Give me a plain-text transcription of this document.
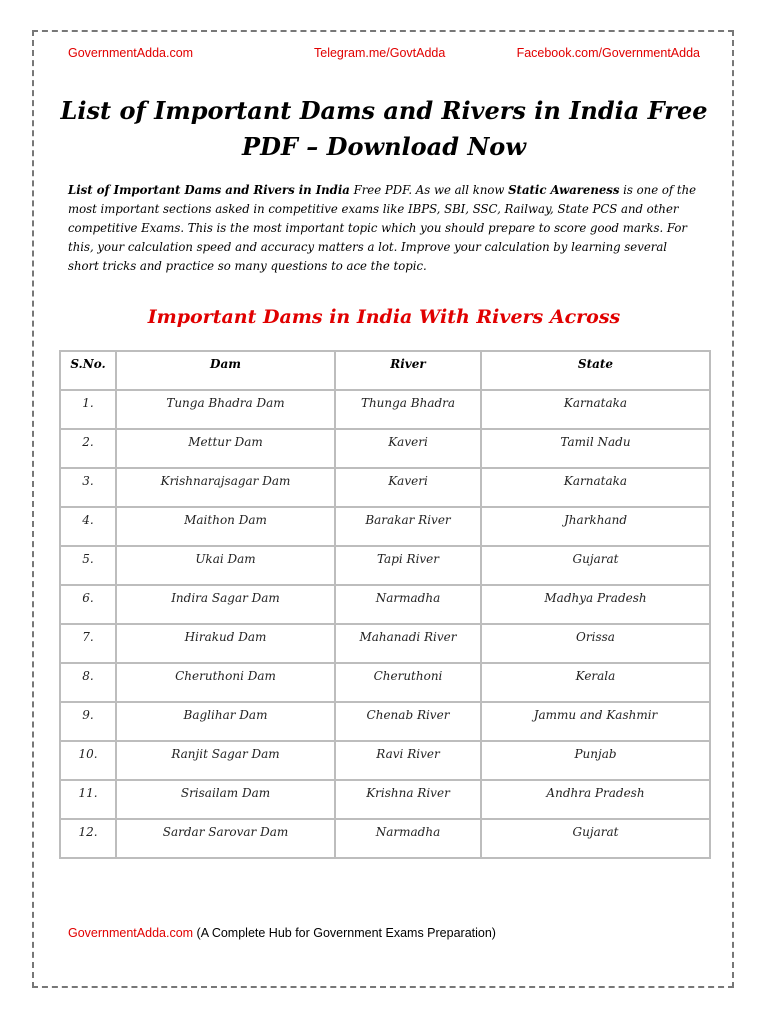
GovernmentAdda.com	Telegram.me/GovtAdda	Facebook.com/GovernmentAdda
List of Important Dams and Rivers in India Free
PDF – Download Now

List of Important Dams and Rivers in India Free PDF. As we all know Static Awareness is one of the most important sections asked in competitive exams like IBPS, SBI, SSC, Railway, State PCS and other competitive Exams. This is the most important topic which you should prepare to score good marks. For this, your calculation speed and accuracy matters a lot. Improve your calculation by learning several short tricks and practice so many questions to ace the topic.

Important Dams in India With Rivers Across
S.No.	Dam	River	State
1.	Tunga Bhadra Dam	Thunga Bhadra	Karnataka
2.	Mettur Dam	Kaveri	Tamil Nadu
3.	Krishnarajsagar Dam	Kaveri	Karnataka
4.	Maithon Dam	Barakar River	Jharkhand
5.	Ukai Dam	Tapi River	Gujarat
6.	Indira Sagar Dam	Narmadha	Madhya Pradesh
7.	Hirakud Dam	Mahanadi River	Orissa
8.	Cheruthoni Dam	Cheruthoni	Kerala
9.	Baglihar Dam	Chenab River	Jammu and Kashmir
10.	Ranjit Sagar Dam	Ravi River	Punjab
11.	Srisailam Dam	Krishna River	Andhra Pradesh
12.	Sardar Sarovar Dam	Narmadha	Gujarat
GovernmentAdda.com (A Complete Hub for Government Exams Preparation)
